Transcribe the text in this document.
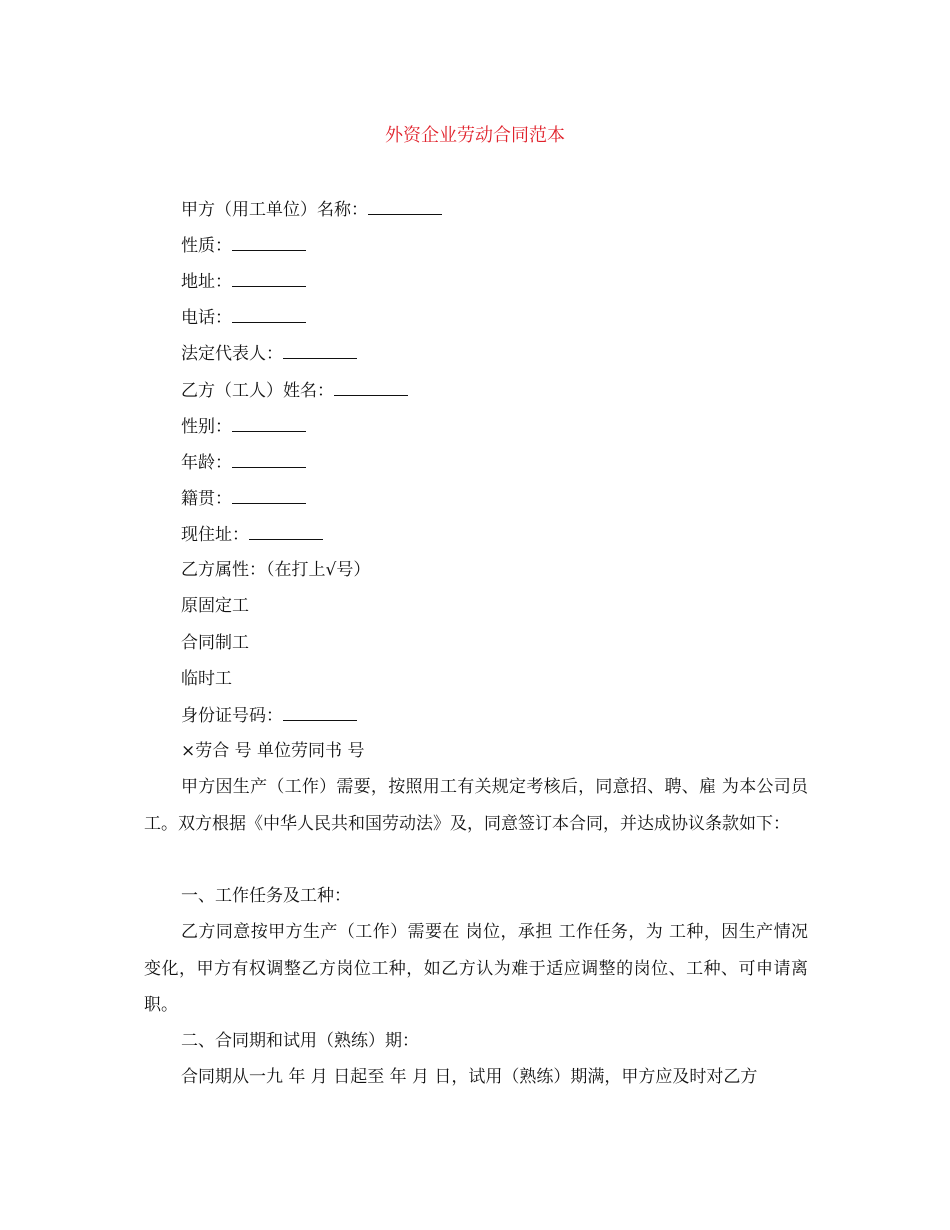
外资企业劳动合同范本
甲方（用工单位）名称：
性质：
地址：
电话：
法定代表人：
乙方（工人）姓名：
性别：
年龄：
籍贯：
现住址：
乙方属性：（在打上√号）
原固定工
合同制工
临时工
身份证号码：
×劳合 号 单位劳同书 号
甲方因生产（工作）需要，按照用工有关规定考核后，同意招、聘、雇 为本公司员工。双方根据《中华人民共和国劳动法》及，同意签订本合同，并达成协议条款如下：
一、工作任务及工种：
乙方同意按甲方生产（工作）需要在 岗位，承担 工作任务，为 工种，因生产情况变化，甲方有权调整乙方岗位工种，如乙方认为难于适应调整的岗位、工种、可申请离职。
二、合同期和试用（熟练）期：
合同期从一九 年 月 日起至 年 月 日，试用（熟练）期满，甲方应及时对乙方
